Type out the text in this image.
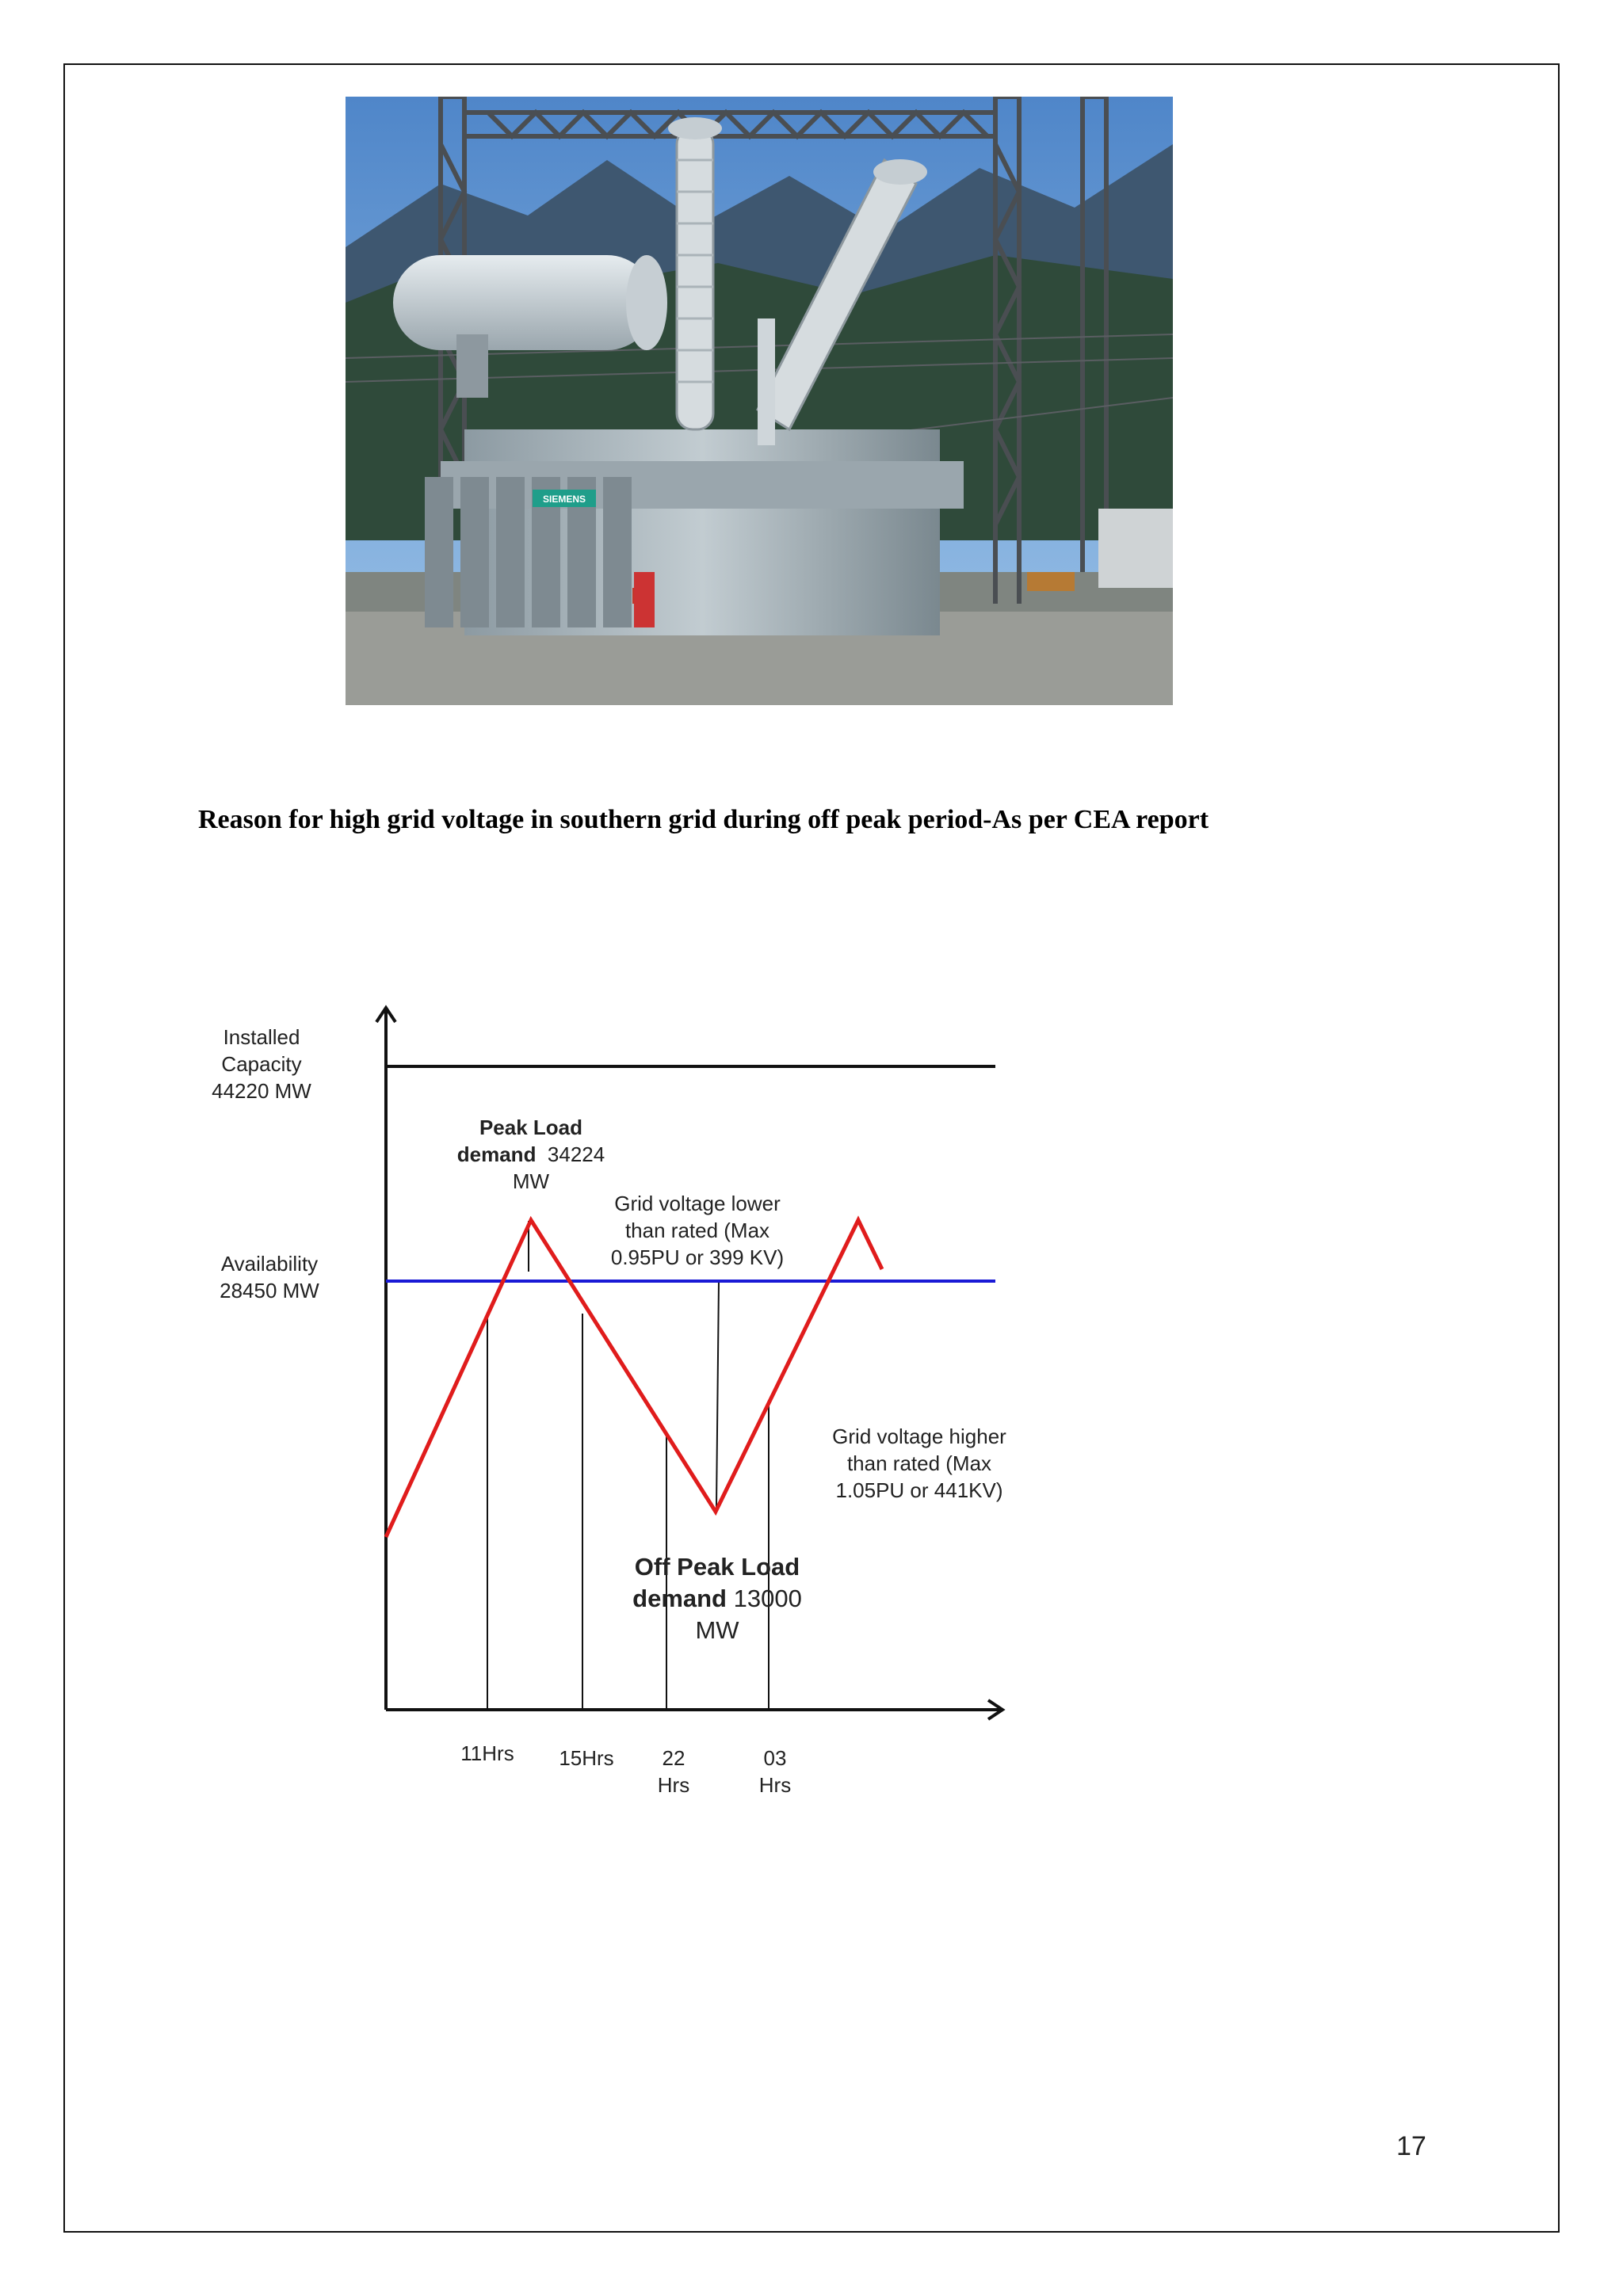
SIEMENS
Reason for high grid voltage in southern grid during off peak period-As per CEA report
Installed
Capacity
44220 MW
Availability
28450 MW
Peak Load
demand 34224
MW
Grid voltage lower
than rated (Max
0.95PU or 399 KV)
Grid voltage higher
than rated (Max
1.05PU or 441KV)
Off Peak Load
demand 13000
MW
11Hrs	15Hrs	22
Hrs
03
Hrs
17
